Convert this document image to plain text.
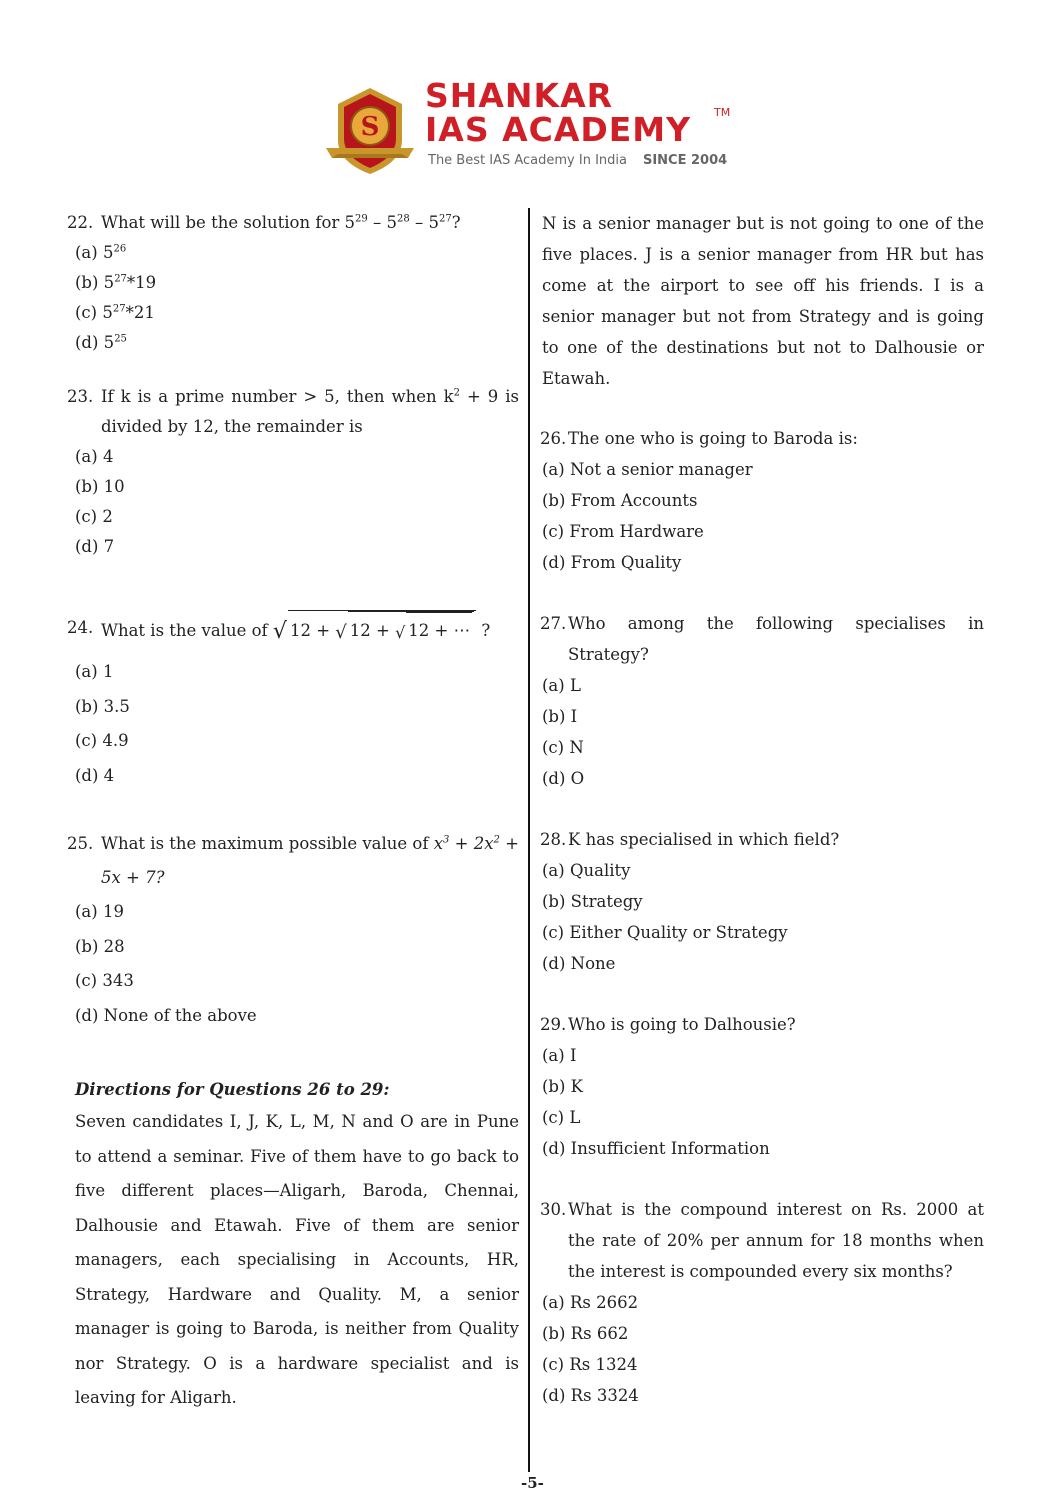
S
SHANKAR
IAS ACADEMY TM
The Best IAS Academy In India SINCE 2004
22. What will be the solution for $5^{29} - 5^{28} - 5^{27}$?
(a) $5^{26}$
(b) $5^{27}*19$
(c) $5^{27}*21$
(d) $5^{25}$
23. If k is a prime number > 5, then when $k^2 + 9$ is divided by 12, the remainder is
(a) 4
(b) 10
(c) 2
(d) 7
24. What is the value of √ 12 + √ 12 + √ 12 + ⋯ ?
(a) 1
(b) 3.5
(c) 4.9
(d) 4
25. What is the maximum possible value of $x^3 + 2x^2 + 5x + 7$?
(a) 19
(b) 28
(c) 343
(d) None of the above
Directions for Questions 26 to 29:
Seven candidates I, J, K, L, M, N and O are in Pune to attend a seminar. Five of them have to go back to five different places—Aligarh, Baroda, Chennai, Dalhousie and Etawah. Five of them are senior managers, each specialising in Accounts, HR, Strategy, Hardware and Quality. M, a senior manager is going to Baroda, is neither from Quality nor Strategy. O is a hardware specialist and is leaving for Aligarh.
N is a senior manager but is not going to one of the five places. J is a senior manager from HR but has come at the airport to see off his friends. I is a senior manager but not from Strategy and is going to one of the destinations but not to Dalhousie or Etawah.
26. The one who is going to Baroda is:
(a) Not a senior manager
(b) From Accounts
(c) From Hardware
(d) From Quality
27. Who among the following specialises in Strategy?
(a) L
(b) I
(c) N
(d) O
28. K has specialised in which field?
(a) Quality
(b) Strategy
(c) Either Quality or Strategy
(d) None
29. Who is going to Dalhousie?
(a) I
(b) K
(c) L
(d) Insufficient Information
30. What is the compound interest on Rs. 2000 at the rate of 20% per annum for 18 months when the interest is compounded every six months?
(a) Rs 2662
(b) Rs 662
(c) Rs 1324
(d) Rs 3324
-5-
